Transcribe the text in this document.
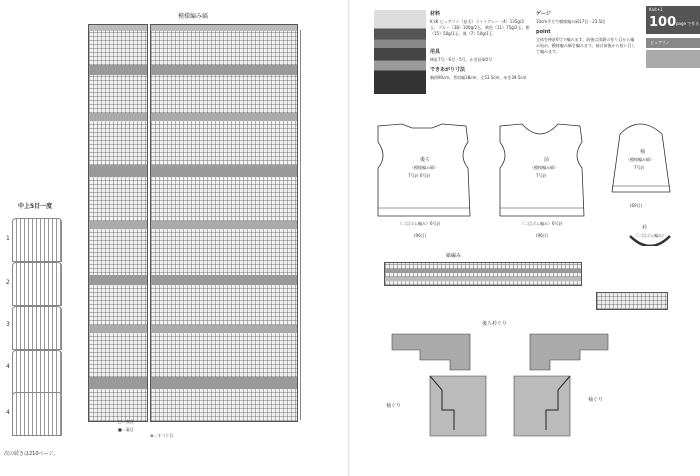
模様編み縞
中上5目一度
1
2
3
4
4
□＝表目
■＝裏目
⊠＝すべり目
次の続きは210ページ。
材料
K'sK ピュアリノ（並太）ライトグレー（4）135g/3玉、ブルー（38）100g/2玉、黄色（11）75g/2玉、紺（15）50g/1玉、黒（7）50g/1玉
用具
棒針7号・6号・5号、かぎ針4/0号
できあがり寸法
胸囲90cm、背肩幅38cm、丈53.5cm、ゆき39.5cm
ゲージ
10cm平方で模様編み縞17目・23.5段
point
全体を棒針6号で編みます。前後は別鎖の作り目から編み始め、模様編み縞を編みます。袖は前後から拾い目して編みます。
Knit+1
100 page で作る
ピュアリノ
後ろ
（模様編み縞）
7号針 6号針
（二目ゴム編み）6号針
(96目)
前
（模様編み縞）
7号針
（二目ゴム編み）6号針
(96目)
袖
（模様編み縞）
7号針
(69目)
衿
（二目ゴム編み）
縞編み
後ろ衿ぐり
袖ぐり
袖ぐり
